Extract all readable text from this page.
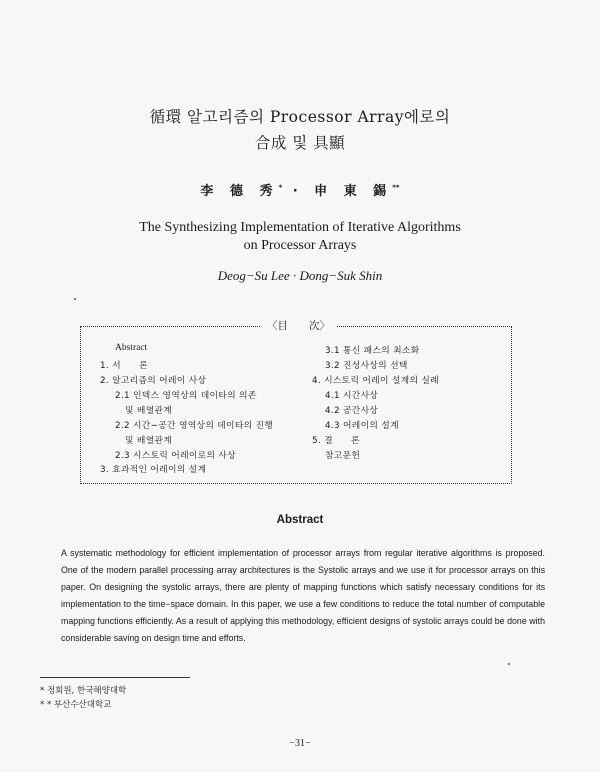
循環 알고리즘의 Processor Array에로의
合成 및 具顯
李 德 秀* · 申 東 錫**
The Synthesizing Implementation of Iterative Algorithms
on Processor Arrays
Deog−Su Lee · Dong−Suk Shin
〈目　　次〉
Abstract
1. 서　　론
2. 알고리즘의 어레이 사상
2.1 인덱스 영역상의 데이타의 의존
및 배열관계
2.2 시간−공간 영역상의 데이타의 진행
및 배열관계
2.3 시스토릭 어레이로의 사상
3. 효과적인 어레이의 설계
3.1 통신 패스의 최소화
3.2 진성사상의 선택
4. 시스토릭 어레이 설계의 실례
4.1 시간사상
4.2 공간사상
4.3 어레이의 설계
5. 결　　론
참고문헌
Abstract
A systematic methodology for efficient implementation of processor arrays from regular iterative algorithms is proposed. One of the modern parallel processing array architectures is the Systolic arrays and we use it for processor arrays on this paper. On designing the systolic arrays, there are plenty of mapping functions which satisfy necessary conditions for its implementation to the time−space domain. In this paper, we use a few conditions to reduce the total number of computable mapping functions efficiently. As a result of applying this methodology, efficient designs of systolic arrays could be done with considerable saving on design time and efforts.
* 정회원, 한국해양대학
* * 부산수산대학교
−31−
